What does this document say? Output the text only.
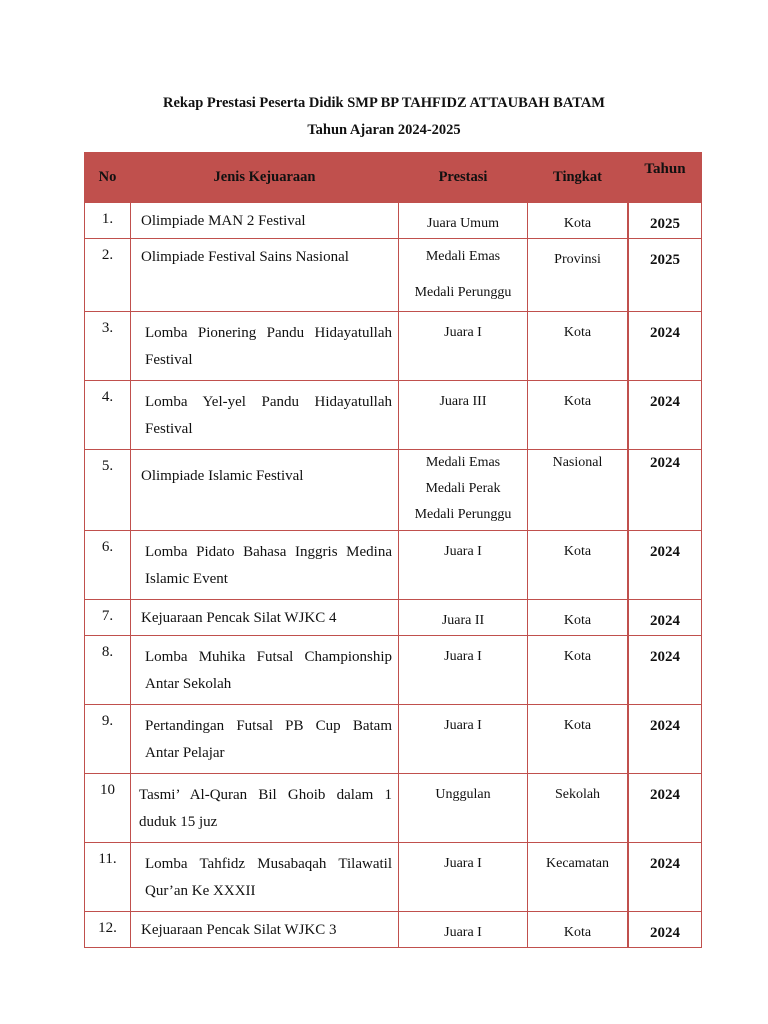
Rekap Prestasi Peserta Didik SMP BP TAHFIDZ ATTAUBAH BATAM
Tahun Ajaran 2024-2025
No	Jenis Kejuaraan	Prestasi	Tingkat	Tahun
1.	Olimpiade MAN 2 Festival	Juara Umum	Kota	2025
2.	Olimpiade Festival Sains Nasional	Medali Emas
Medali Perunggu	Provinsi	2025
3.	Lomba Pionering Pandu Hidayatullah Festival	Juara I	Kota	2024
4.	Lomba Yel-yel Pandu Hidayatullah Festival	Juara III	Kota	2024
5.	Olimpiade Islamic Festival	Medali Emas
Medali Perak
Medali Perunggu	Nasional	2024
6.	Lomba Pidato Bahasa Inggris Medina Islamic Event	Juara I	Kota	2024
7.	Kejuaraan Pencak Silat WJKC 4	Juara II	Kota	2024
8.	Lomba Muhika Futsal Championship Antar Sekolah	Juara I	Kota	2024
9.	Pertandingan Futsal PB Cup Batam Antar Pelajar	Juara I	Kota	2024
10	Tasmi’ Al-Quran Bil Ghoib dalam 1 duduk 15 juz	Unggulan	Sekolah	2024
11.	Lomba Tahfidz Musabaqah Tilawatil Qur’an Ke XXXII	Juara I	Kecamatan	2024
12.	Kejuaraan Pencak Silat WJKC 3	Juara I	Kota	2024
